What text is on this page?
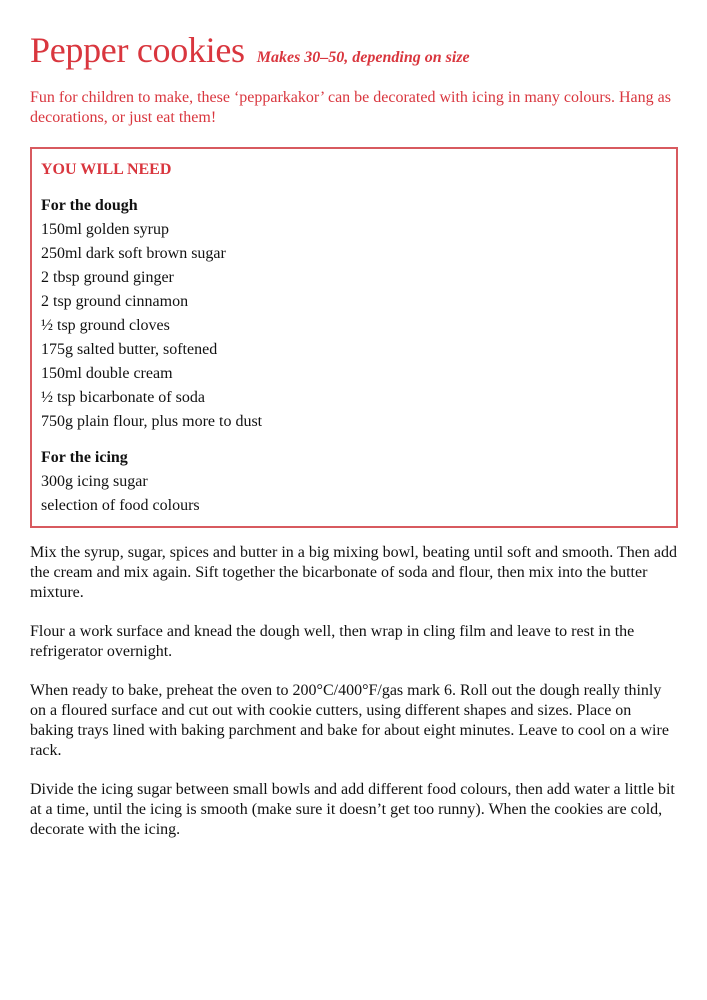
Pepper cookies Makes 30–50, depending on size

Fun for children to make, these ‘pepparkakor’ can be decorated with icing in many colours. Hang as decorations, or just eat them!

YOU WILL NEED
For the dough
150ml golden syrup
250ml dark soft brown sugar
2 tbsp ground ginger
2 tsp ground cinnamon
½ tsp ground cloves
175g salted butter, softened
150ml double cream
½ tsp bicarbonate of soda
750g plain flour, plus more to dust
For the icing
300g icing sugar
selection of food colours

Mix the syrup, sugar, spices and butter in a big mixing bowl, beating until soft and smooth. Then add the cream and mix again. Sift together the bicarbonate of soda and flour, then mix into the butter mixture.

Flour a work surface and knead the dough well, then wrap in cling film and leave to rest in the refrigerator overnight.

When ready to bake, preheat the oven to 200°C/400°F/gas mark 6. Roll out the dough really thinly on a floured surface and cut out with cookie cutters, using different shapes and sizes. Place on baking trays lined with baking parchment and bake for about eight minutes. Leave to cool on a wire rack.

Divide the icing sugar between small bowls and add different food colours, then add water a little bit at a time, until the icing is smooth (make sure it doesn’t get too runny). When the cookies are cold, decorate with the icing.
